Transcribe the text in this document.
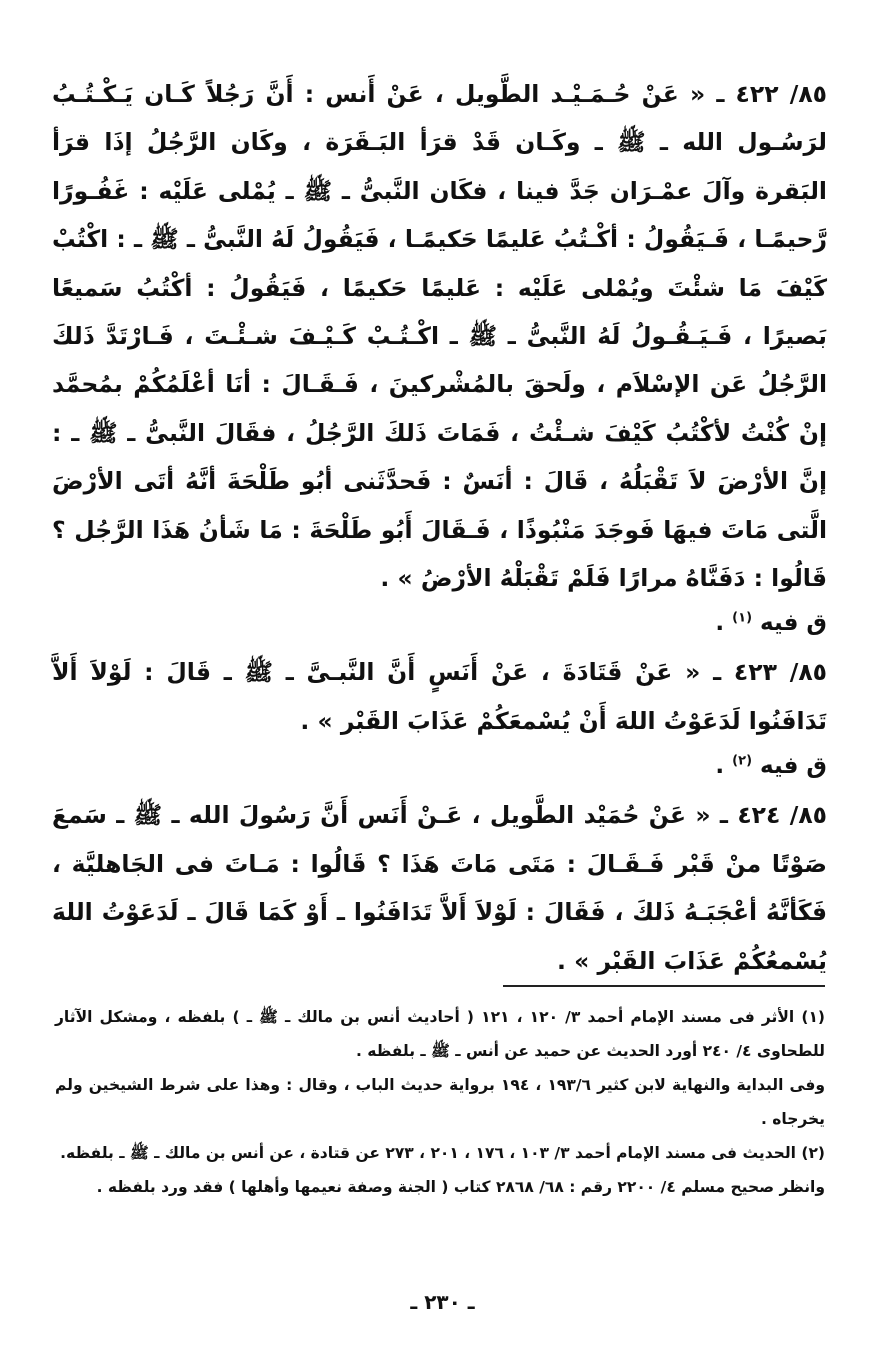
٨٥/ ٤٢٢ ـ « عَنْ حُـمَـيْـد الطَّويل ، عَنْ أَنس : أَنَّ رَجُلاً كَـان يَـكْـتُـبُ لرَسُـول الله ـ ﷺ ـ وكَـان قَدْ قرَأ البَـقَرَة ، وكَان الرَّجُلُ إذَا قرَأ البَقرة وآلَ عمْـرَان جَدَّ فينا ، فكَان النَّبىُّ ـ ﷺ ـ يُمْلى عَلَيْه : غَفُـورًا رَّحيمًـا ، فَـيَقُولُ : أكْـتُبُ عَليمًا حَكيمًـا ، فَيَقُولُ لَهُ النَّبىُّ ـ ﷺ ـ : اكْتُبْ كَيْفَ مَا شئْتَ ويُمْلى عَلَيْه : عَليمًا حَكيمًا ، فَيَقُولُ : أكْتُبُ سَميعًا بَصيرًا ، فَـيَـقُـولُ لَهُ النَّبىُّ ـ ﷺ ـ اكْـتُـبْ كَـيْـفَ شـئْـتَ ، فَـارْتَدَّ ذَلكَ الرَّجُلُ عَن الإسْلاَم ، ولَحقَ بالمُشْركينَ ، فَـقَـالَ : أنَا أعْلَمُكُمْ بمُحمَّد إنْ كُنْتُ لأكْتُبُ كَيْفَ شـئْتُ ، فَمَاتَ ذَلكَ الرَّجُلُ ، فقَالَ النَّبىُّ ـ ﷺ ـ : إنَّ الأرْضَ لاَ تَقْبَلُهُ ، قَالَ : أنَسٌ : فَحدَّثَنى أبُو طَلْحَةَ أنَّهُ أتَى الأرْضَ الَّتى مَاتَ فيهَا فَوجَدَ مَنْبُوذًا ، فَـقَالَ أَبُو طَلْحَةَ : مَا شَأنُ هَذَا الرَّجُل ؟ قَالُوا : دَفَنَّاهُ مرارًا فَلَمْ تَقْبَلْهُ الأرْضُ » .

ق فيه $^{(١)}$ .

٨٥/ ٤٢٣ ـ « عَنْ قَتَادَةَ ، عَنْ أَنَسٍ أَنَّ النَّبـىَّ ـ ﷺ ـ قَالَ : لَوْلاَ أَلاَّ تَدَافَنُوا لَدَعَوْتُ اللهَ أَنْ يُسْمعَكُمْ عَذَابَ القَبْر » .

ق فيه $^{(٢)}$ .

٨٥/ ٤٢٤ ـ « عَنْ حُمَيْد الطَّويل ، عَـنْ أَنَس أَنَّ رَسُولَ الله ـ ﷺ ـ سَمعَ صَوْتًا منْ قَبْر فَـقَـالَ : مَتَى مَاتَ هَذَا ؟ قَالُوا : مَـاتَ فى الجَاهليَّة ، فَكَأنَّهُ أعْجَبَـهُ ذَلكَ ، فَقَالَ : لَوْلاَ أَلاَّ تَدَافَنُوا ـ أَوْ كَمَا قَالَ ـ لَدَعَوْتُ اللهَ يُسْمعُكُمْ عَذَابَ القَبْر » .

(١) الأثر فى مسند الإمام أحمد ٣/ ١٢٠ ، ١٢١ ( أحاديث أنس بن مالك ـ ﷺ ـ ) بلفظه ، ومشكل الآثار للطحاوى ٤/ ٢٤٠ أورد الحديث عن حميد عن أنس ـ ﷺ ـ بلفظه .

وفى البداية والنهاية لابن كثير ١٩٣/٦ ، ١٩٤ برواية حديث الباب ، وقال : وهذا على شرط الشيخين ولم يخرجاه .

(٢) الحديث فى مسند الإمام أحمد ٣/ ١٠٣ ، ١٧٦ ، ٢٠١ ، ٢٧٣ عن قتادة ، عن أنس بن مالك ـ ﷺ ـ بلفظه.

وانظر صحيح مسلم ٤/ ٢٢٠٠ رقم : ٦٨/ ٢٨٦٨ كتاب ( الجنة وصفة نعيمها وأهلها ) فقد ورد بلفظه .

ـ ٢٣٠ ـ
